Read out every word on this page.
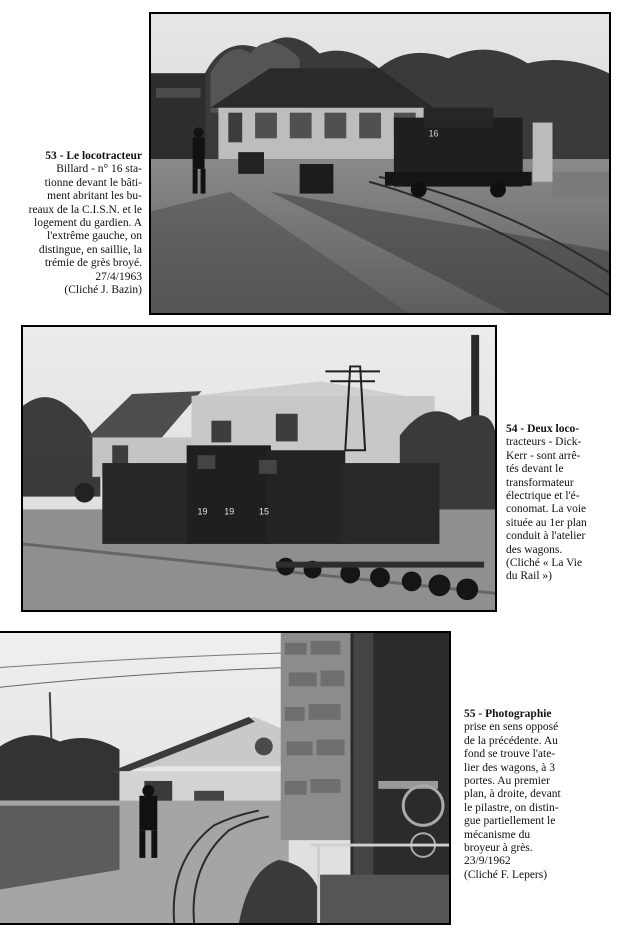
16
53 - Le locotracteur
Billard - n° 16 sta-
tionne devant le bâti-
ment abritant les bu-
reaux de la C.I.S.N. et le
logement du gardien. A
l'extrême gauche, on
distingue, en saillie, la
trémie de grès broyé.
27/4/1963
(Cliché J. Bazin)
19 19	15
54 - Deux loco-
tracteurs - Dick-
Kerr - sont arrê-
tés devant le
transformateur
électrique et l'é-
conomat. La voie
située au 1er plan
conduit à l'atelier
des wagons.
(Cliché « La Vie
du Rail »)
55 - Photographie
prise en sens opposé
de la précédente. Au
fond se trouve l'ate-
lier des wagons, à 3
portes. Au premier
plan, à droite, devant
le pilastre, on distin-
gue partiellement le
mécanisme du
broyeur à grès.
23/9/1962
(Cliché F. Lepers)
